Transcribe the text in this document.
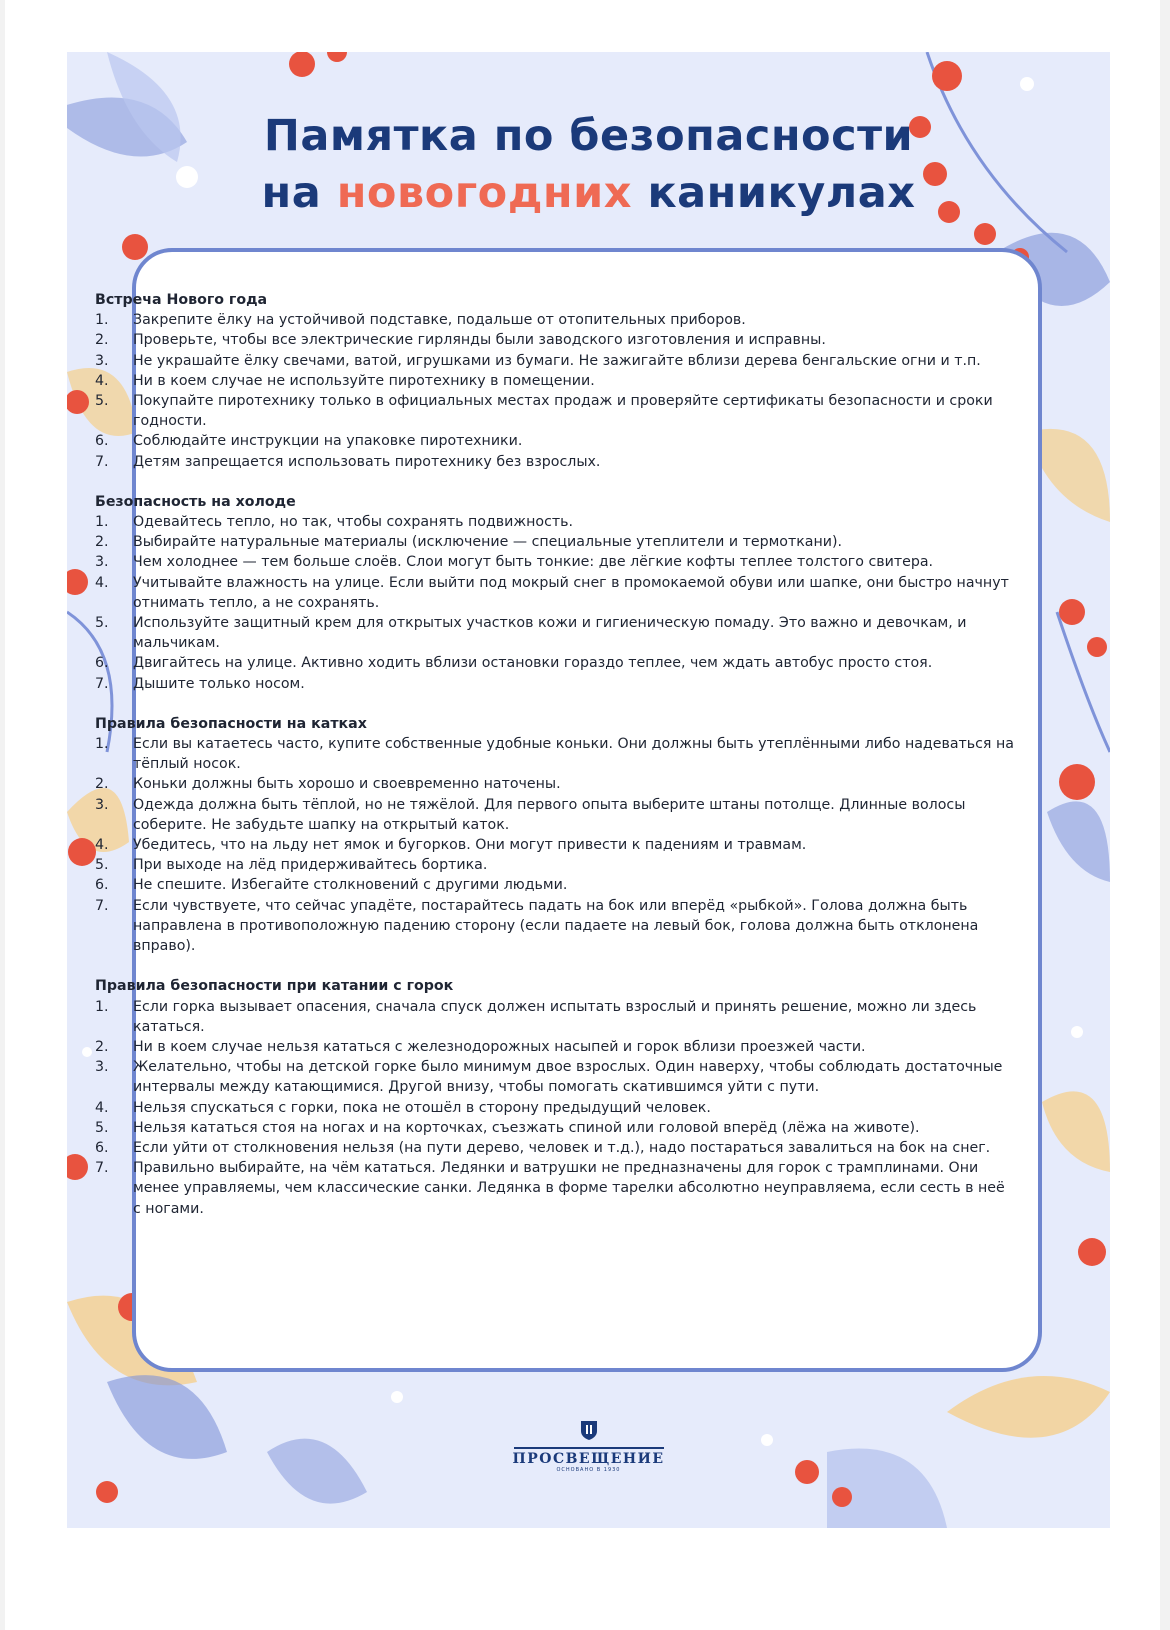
Памятка по безопасности
на новогодних каникулах
ПРОСВЕЩЕНИЕ
ОСНОВАНО В 1930
Встреча Нового года
1.	Закрепите ёлку на устойчивой подставке, подальше от отопительных приборов.
2.	Проверьте, чтобы все электрические гирлянды были заводского изготовления и исправны.
3.	Не украшайте ёлку свечами, ватой, игрушками из бумаги. Не зажигайте вблизи дерева бенгальские огни и т.п.
4.	Ни в коем случае не используйте пиротехнику в помещении.
5.	Покупайте пиротехнику только в официальных местах продаж и проверяйте сертификаты безопасности и сроки годности.
6.	Соблюдайте инструкции на упаковке пиротехники.
7.	Детям запрещается использовать пиротехнику без взрослых.
Безопасность на холоде
1.	Одевайтесь тепло, но так, чтобы сохранять подвижность.
2.	Выбирайте натуральные материалы (исключение — специальные утеплители и термоткани).
3.	Чем холоднее — тем больше слоёв. Слои могут быть тонкие: две лёгкие кофты теплее толстого свитера.
4.	Учитывайте влажность на улице. Если выйти под мокрый снег в промокаемой обуви или шапке, они быстро начнут отнимать тепло, а не сохранять.
5.	Используйте защитный крем для открытых участков кожи и гигиеническую помаду. Это важно и девочкам, и мальчикам.
6.	Двигайтесь на улице. Активно ходить вблизи остановки гораздо теплее, чем ждать автобус просто стоя.
7.	Дышите только носом.
Правила безопасности на катках
1.	Если вы катаетесь часто, купите собственные удобные коньки. Они должны быть утеплёнными либо надеваться на тёплый носок.
2.	Коньки должны быть хорошо и своевременно наточены.
3.	Одежда должна быть тёплой, но не тяжёлой. Для первого опыта выберите штаны потолще. Длинные волосы соберите. Не забудьте шапку на открытый каток.
4.	Убедитесь, что на льду нет ямок и бугорков. Они могут привести к падениям и травмам.
5.	При выходе на лёд придерживайтесь бортика.
6.	Не спешите. Избегайте столкновений с другими людьми.
7.	Если чувствуете, что сейчас упадёте, постарайтесь падать на бок или вперёд «рыбкой». Голова должна быть направлена в противоположную падению сторону (если падаете на левый бок, голова должна быть отклонена вправо).
Правила безопасности при катании с горок
1.	Если горка вызывает опасения, сначала спуск должен испытать взрослый и принять решение, можно ли здесь кататься.
2.	Ни в коем случае нельзя кататься с железнодорожных насыпей и горок вблизи проезжей части.
3.	Желательно, чтобы на детской горке было минимум двое взрослых. Один наверху, чтобы соблюдать достаточные интервалы между катающимися. Другой внизу, чтобы помогать скатившимся уйти с пути.
4.	Нельзя спускаться с горки, пока не отошёл в сторону предыдущий человек.
5.	Нельзя кататься стоя на ногах и на корточках, съезжать спиной или головой вперёд (лёжа на животе).
6.	Если уйти от столкновения нельзя (на пути дерево, человек и т.д.), надо постараться завалиться на бок на снег.
7.	Правильно выбирайте, на чём кататься. Ледянки и ватрушки не предназначены для горок с трамплинами. Они менее управляемы, чем классические санки. Ледянка в форме тарелки абсолютно неуправляема, если сесть в неё с ногами.
